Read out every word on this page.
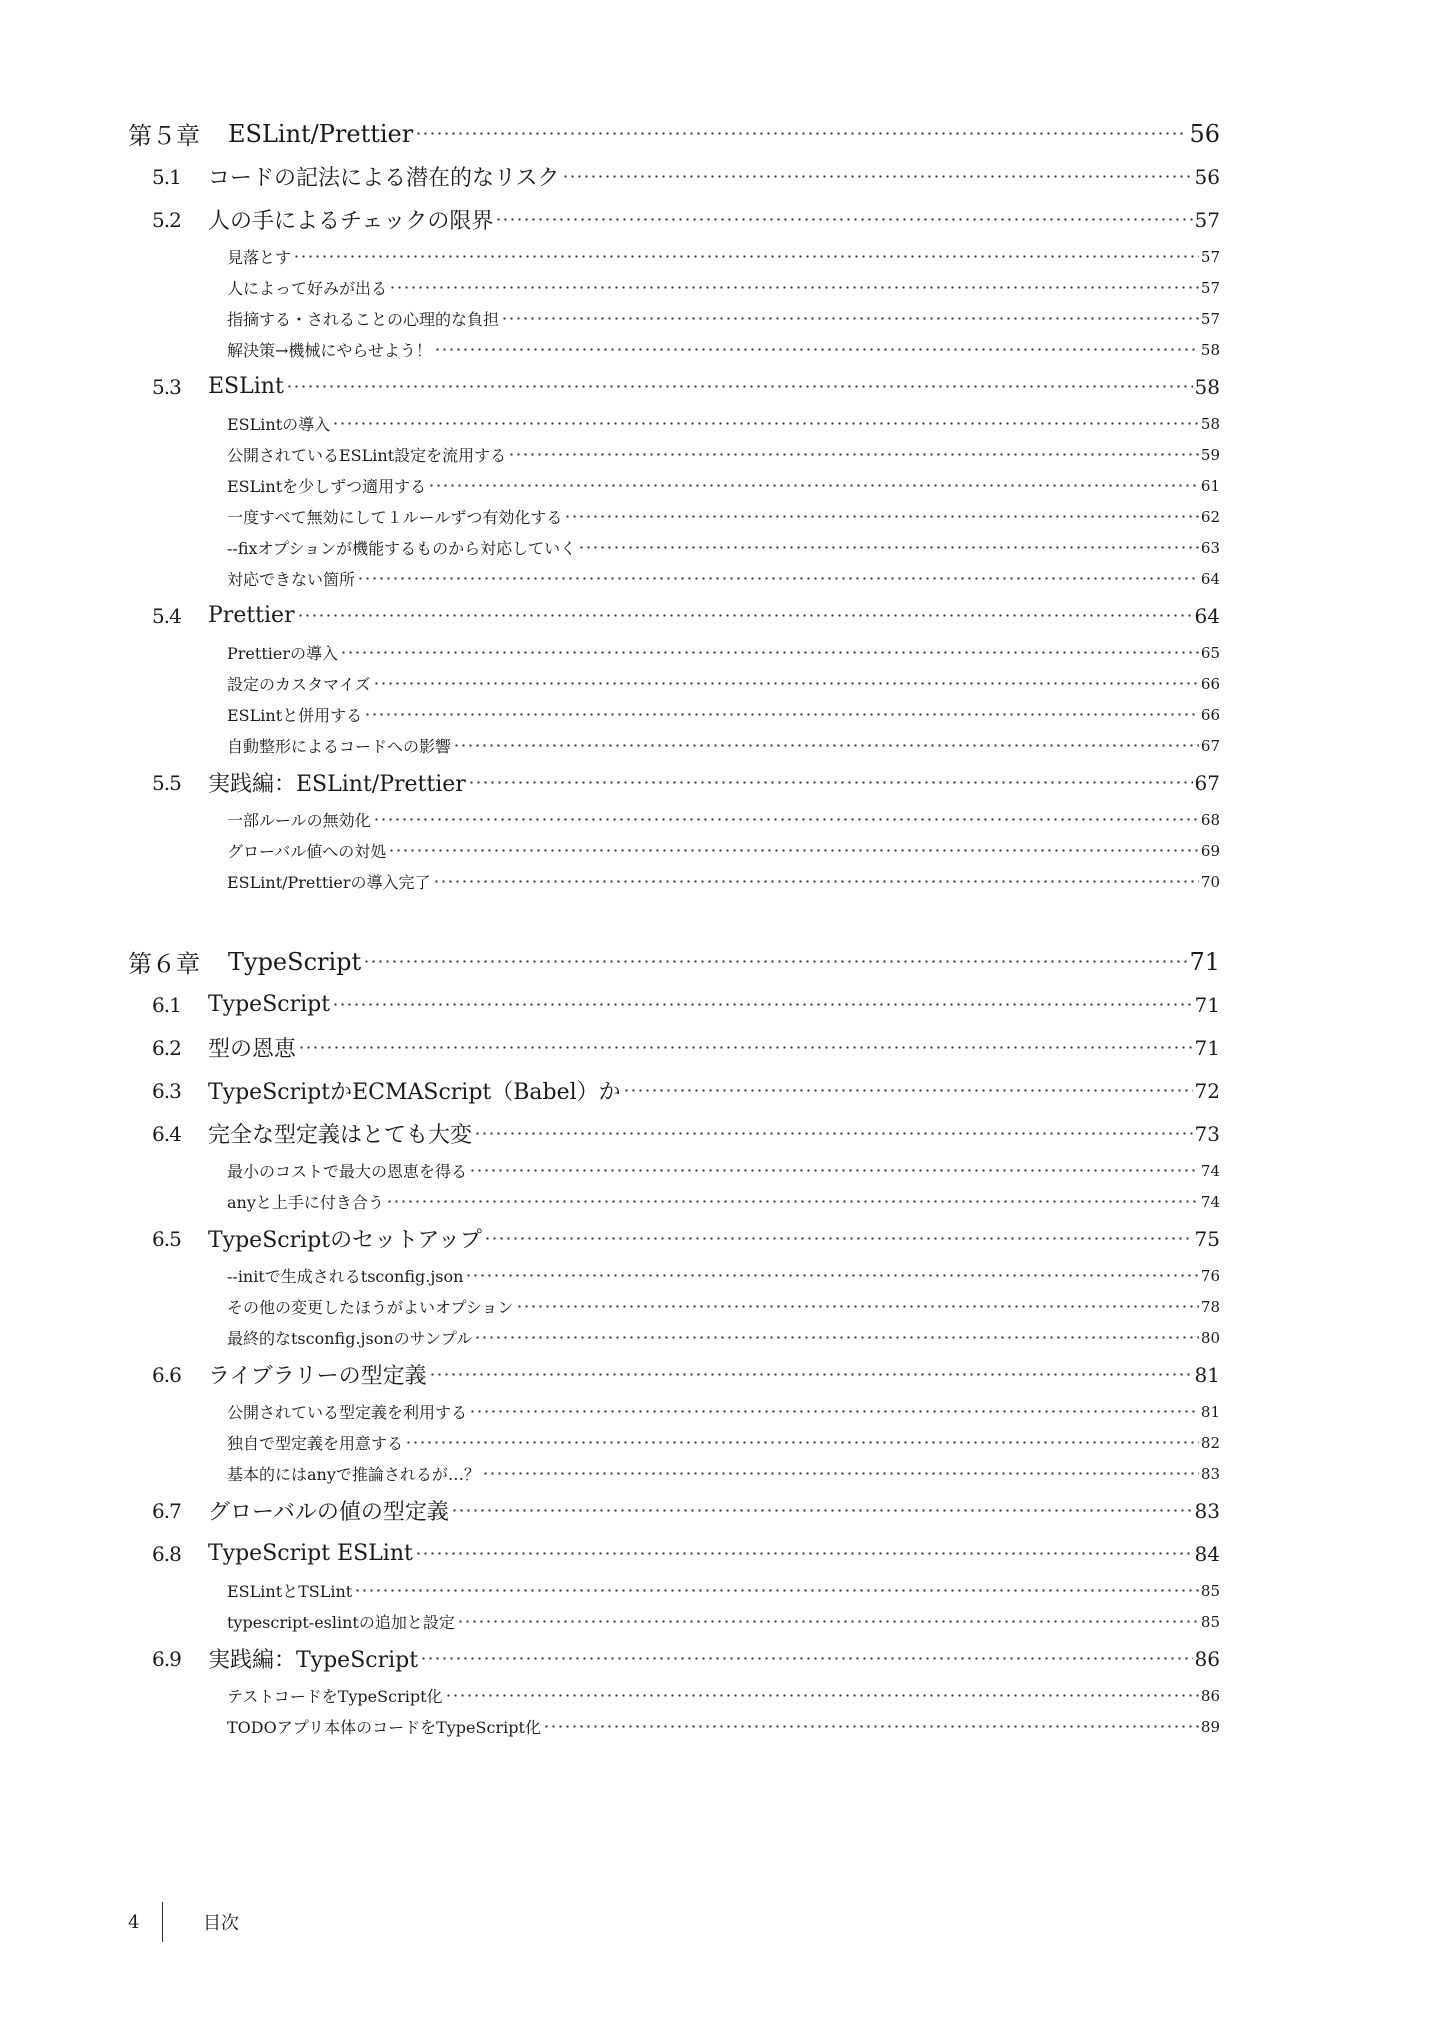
第５章	ESLint/Prettier	56
5.1	コードの記法による潜在的なリスク	56
5.2	人の手によるチェックの限界	57
見落とす	57
人によって好みが出る	57
指摘する・されることの心理的な負担	57
解決策→機械にやらせよう！	58
5.3	ESLint	58
ESLintの導入	58
公開されているESLint設定を流用する	59
ESLintを少しずつ適用する	61
一度すべて無効にして１ルールずつ有効化する	62
--fixオプションが機能するものから対応していく	63
対応できない箇所	64
5.4	Prettier	64
Prettierの導入	65
設定のカスタマイズ	66
ESLintと併用する	66
自動整形によるコードへの影響	67
5.5	実践編：ESLint/Prettier	67
一部ルールの無効化	68
グローバル値への対処	69
ESLint/Prettierの導入完了	70
第６章	TypeScript	71
6.1	TypeScript	71
6.2	型の恩恵	71
6.3	TypeScriptかECMAScript（Babel）か	72
6.4	完全な型定義はとても大変	73
最小のコストで最大の恩恵を得る	74
anyと上手に付き合う	74
6.5	TypeScriptのセットアップ	75
--initで生成されるtsconfig.json	76
その他の変更したほうがよいオプション	78
最終的なtsconfig.jsonのサンプル	80
6.6	ライブラリーの型定義	81
公開されている型定義を利用する	81
独自で型定義を用意する	82
基本的にはanyで推論されるが…？	83
6.7	グローバルの値の型定義	83
6.8	TypeScript ESLint	84
ESLintとTSLint	85
typescript-eslintの追加と設定	85
6.9	実践編：TypeScript	86
テストコードをTypeScript化	86
TODOアプリ本体のコードをTypeScript化	89
4	目次
